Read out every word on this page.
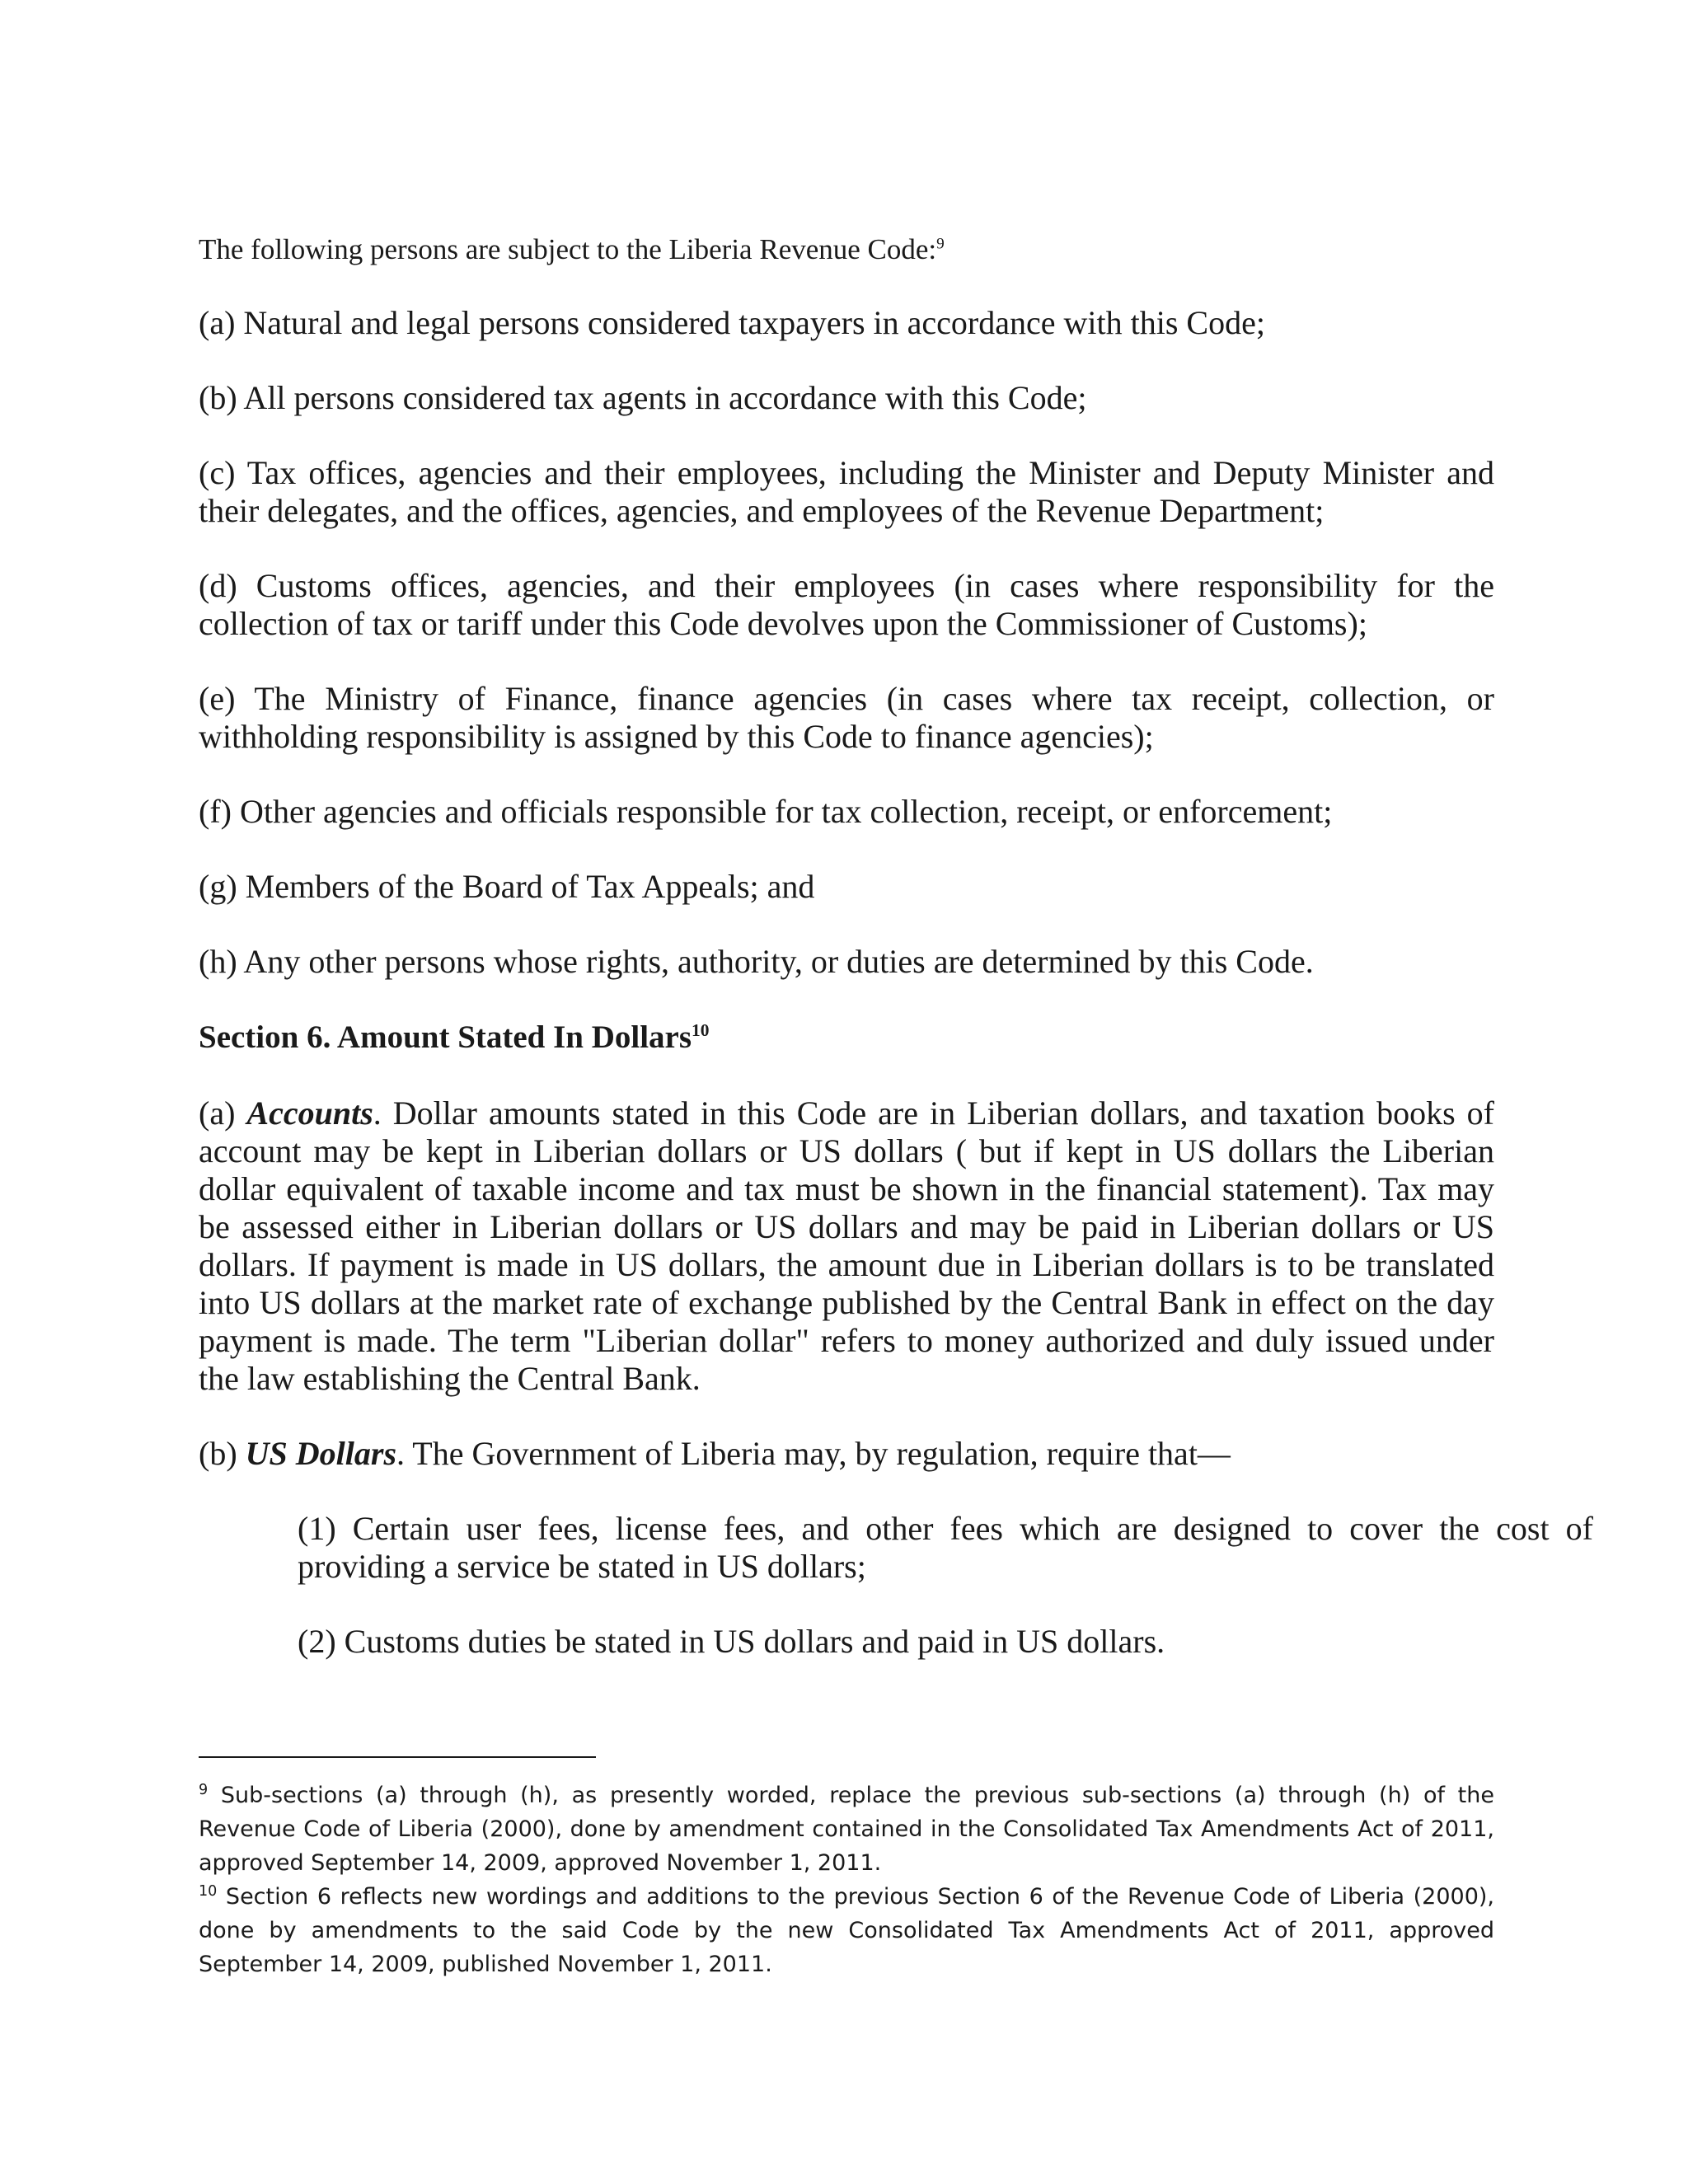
The following persons are subject to the Liberia Revenue Code:$^9$

(a) Natural and legal persons considered taxpayers in accordance with this Code;

(b) All persons considered tax agents in accordance with this Code;

(c) Tax offices, agencies and their employees, including the Minister and Deputy Minister and their delegates, and the offices, agencies, and employees of the Revenue Department;

(d) Customs offices, agencies, and their employees (in cases where responsibility for the collection of tax or tariff under this Code devolves upon the Commissioner of Customs);

(e) The Ministry of Finance, finance agencies (in cases where tax receipt, collection, or withholding responsibility is assigned by this Code to finance agencies);

(f) Other agencies and officials responsible for tax collection, receipt, or enforcement;

(g) Members of the Board of Tax Appeals; and

(h) Any other persons whose rights, authority, or duties are determined by this Code.

Section 6. Amount Stated In Dollars$^{10}$

(a) Accounts. Dollar amounts stated in this Code are in Liberian dollars, and taxation books of account may be kept in Liberian dollars or US dollars ( but if kept in US dollars the Liberian dollar equivalent of taxable income and tax must be shown in the financial statement). Tax may be assessed either in Liberian dollars or US dollars and may be paid in Liberian dollars or US dollars. If payment is made in US dollars, the amount due in Liberian dollars is to be translated into US dollars at the market rate of exchange published by the Central Bank in effect on the day payment is made. The term "Liberian dollar" refers to money authorized and duly issued under the law establishing the Central Bank.

(b) US Dollars. The Government of Liberia may, by regulation, require that—

(1) Certain user fees, license fees, and other fees which are designed to cover the cost of providing a service be stated in US dollars;

(2) Customs duties be stated in US dollars and paid in US dollars.

$^9$ Sub-sections (a) through (h), as presently worded, replace the previous sub-sections (a) through (h) of the Revenue Code of Liberia (2000), done by amendment contained in the Consolidated Tax Amendments Act of 2011, approved September 14, 2009, approved November 1, 2011.

$^{10}$ Section 6 reflects new wordings and additions to the previous Section 6 of the Revenue Code of Liberia (2000), done by amendments to the said Code by the new Consolidated Tax Amendments Act of 2011, approved September 14, 2009, published November 1, 2011.
